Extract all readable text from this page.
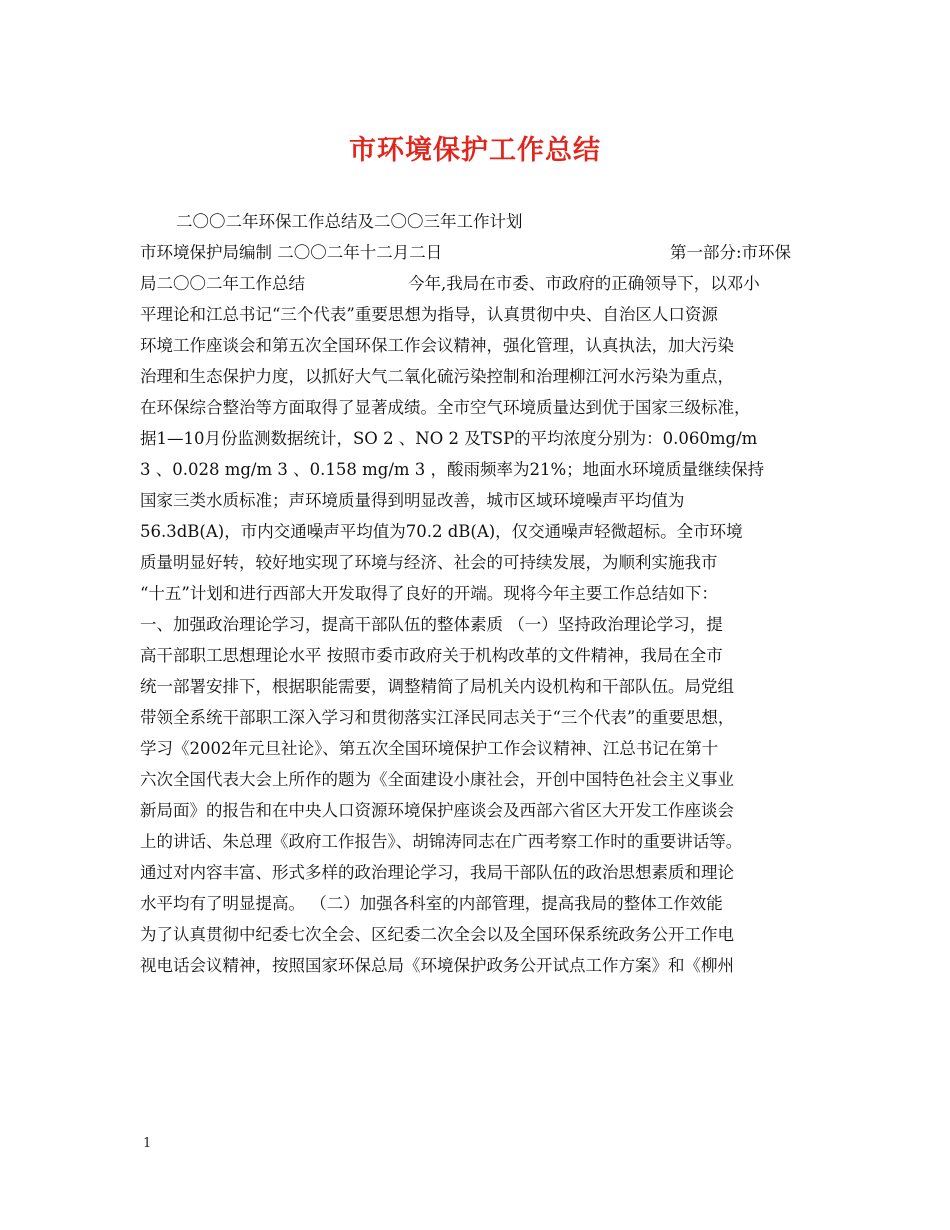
市环境保护工作总结
二〇〇二年环保工作总结及二〇〇三年工作计划
市环境保护局编制 二〇〇二年十二月二日	第一部分:市环保
局二〇〇二年工作总结	今年,我局在市委、市政府的正确领导下，以邓小
平理论和江总书记“三个代表”重要思想为指导，认真贯彻中央、自治区人口资源
环境工作座谈会和第五次全国环保工作会议精神，强化管理，认真执法，加大污染
治理和生态保护力度，以抓好大气二氧化硫污染控制和治理柳江河水污染为重点，
在环保综合整治等方面取得了显著成绩。全市空气环境质量达到优于国家三级标准，
据1—10月份监测数据统计，SO 2 、NO 2 及TSP的平均浓度分别为：0.060mg/m
3 、0.028 mg/m 3 、0.158 mg/m 3 ，酸雨频率为21%；地面水环境质量继续保持
国家三类水质标准；声环境质量得到明显改善，城市区域环境噪声平均值为
56.3dB(A)，市内交通噪声平均值为70.2 dB(A)，仅交通噪声轻微超标。全市环境
质量明显好转，较好地实现了环境与经济、社会的可持续发展，为顺利实施我市
“十五”计划和进行西部大开发取得了良好的开端。现将今年主要工作总结如下：
一、加强政治理论学习，提高干部队伍的整体素质 （一）坚持政治理论学习，提
高干部职工思想理论水平 按照市委市政府关于机构改革的文件精神，我局在全市
统一部署安排下，根据职能需要，调整精简了局机关内设机构和干部队伍。局党组
带领全系统干部职工深入学习和贯彻落实江泽民同志关于“三个代表”的重要思想，
学习《2002年元旦社论》、第五次全国环境保护工作会议精神、江总书记在第十
六次全国代表大会上所作的题为《全面建设小康社会，开创中国特色社会主义事业
新局面》的报告和在中央人口资源环境保护座谈会及西部六省区大开发工作座谈会
上的讲话、朱总理《政府工作报告》、胡锦涛同志在广西考察工作时的重要讲话等。
通过对内容丰富、形式多样的政治理论学习，我局干部队伍的政治思想素质和理论
水平均有了明显提高。 （二）加强各科室的内部管理，提高我局的整体工作效能
为了认真贯彻中纪委七次全会、区纪委二次全会以及全国环保系统政务公开工作电
视电话会议精神，按照国家环保总局《环境保护政务公开试点工作方案》和《柳州
1
